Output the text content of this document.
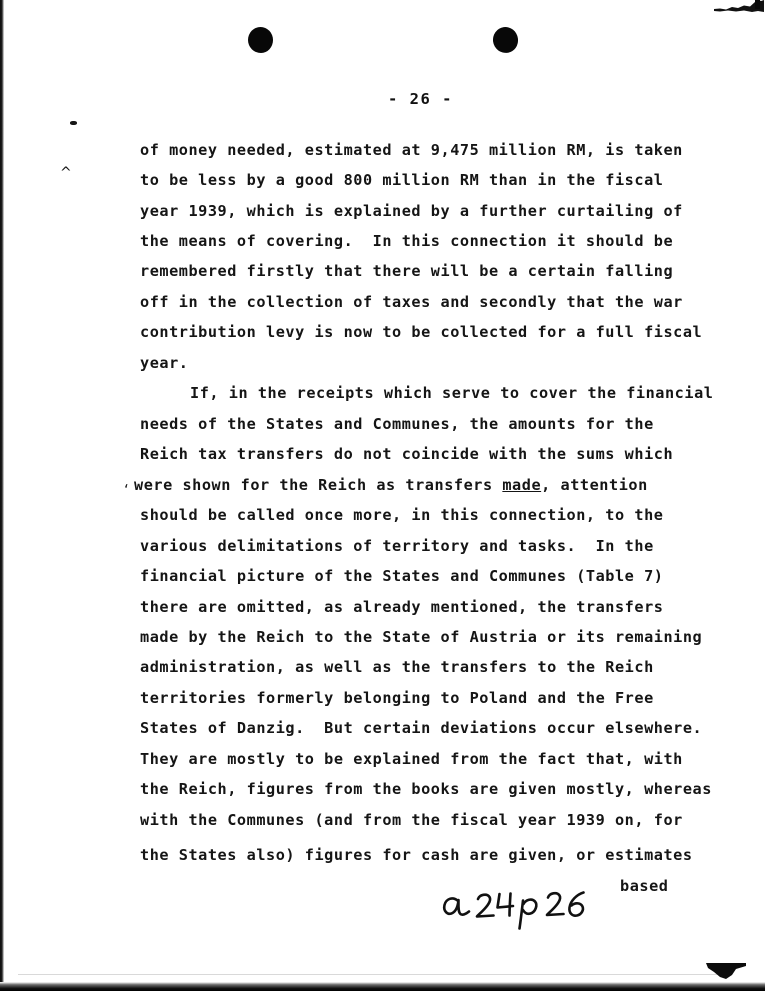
^
‘
- 26 -
of money needed, estimated at 9,475 million RM, is taken
to be less by a good 800 million RM than in the fiscal
year 1939, which is explained by a further curtailing of
the means of covering.  In this connection it should be
remembered firstly that there will be a certain falling
off in the collection of taxes and secondly that the war
contribution levy is now to be collected for a full fiscal
year.
If, in the receipts which serve to cover the financial
needs of the States and Communes, the amounts for the
Reich tax transfers do not coincide with the sums which
were shown for the Reich as transfers made, attention
should be called once more, in this connection, to the
various delimitations of territory and tasks.  In the
financial picture of the States and Communes (Table 7)
there are omitted, as already mentioned, the transfers
made by the Reich to the State of Austria or its remaining
administration, as well as the transfers to the Reich
territories formerly belonging to Poland and the Free
States of Danzig.  But certain deviations occur elsewhere.
They are mostly to be explained from the fact that, with
the Reich, figures from the books are given mostly, whereas
with the Communes (and from the fiscal year 1939 on, for
the States also) figures for cash are given, or estimates
based
